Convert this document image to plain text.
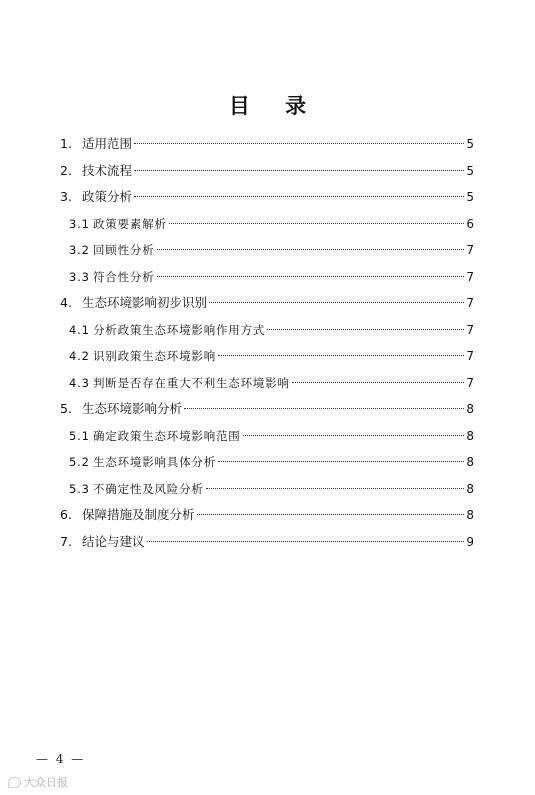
目 录
1. 适用范围	5
2. 技术流程	5
3. 政策分析	5
3.1 政策要素解析	6
3.2 回顾性分析	7
3.3 符合性分析	7
4. 生态环境影响初步识别	7
4.1 分析政策生态环境影响作用方式	7
4.2 识别政策生态环境影响	7
4.3 判断是否存在重大不利生态环境影响	7
5. 生态环境影响分析	8
5.1 确定政策生态环境影响范围	8
5.2 生态环境影响具体分析	8
5.3 不确定性及风险分析	8
6. 保障措施及制度分析	8
7. 结论与建议	9
— 4 —
大众日报
